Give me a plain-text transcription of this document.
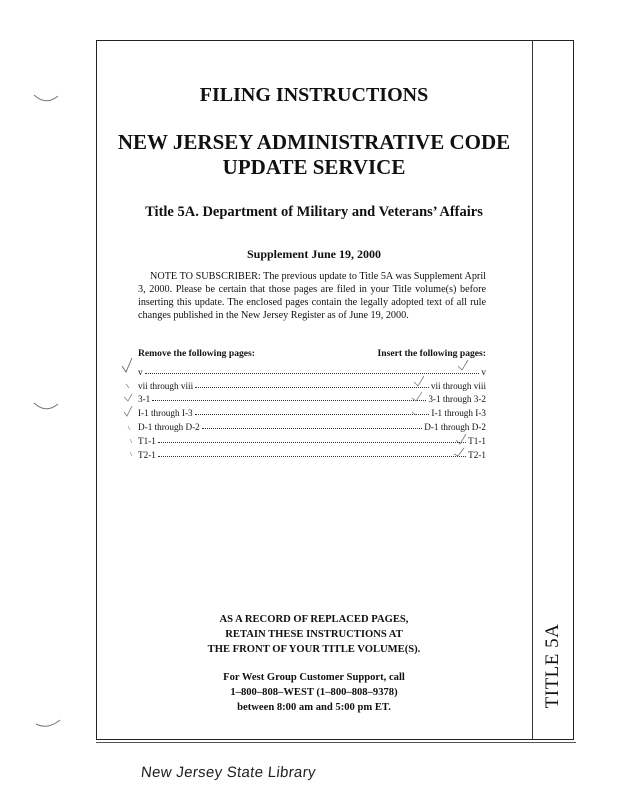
TITLE 5A
FILING INSTRUCTIONS
NEW JERSEY ADMINISTRATIVE CODE
UPDATE SERVICE
Title 5A. Department of Military and Veterans’ Affairs
Supplement June 19, 2000
NOTE TO SUBSCRIBER: The previous update to Title 5A was Supplement April 3, 2000. Please be certain that those pages are filed in your Title volume(s) before inserting this update. The enclosed pages contain the legally adopted text of all rule changes published in the New Jersey Register as of June 19, 2000.
Remove the following pages:	Insert the following pages:
v	v
vii through viii	vii through viii
3-1	3-1 through 3-2
I-1 through I-3	I-1 through I-3
D-1 through D-2	D-1 through D-2
T1-1	T1-1
T2-1	T2-1
AS A RECORD OF REPLACED PAGES,
RETAIN THESE INSTRUCTIONS AT
THE FRONT OF YOUR TITLE VOLUME(S).
For West Group Customer Support, call
1–800–808–WEST (1–800–808–9378)
between 8:00 am and 5:00 pm ET.
New Jersey State Library
